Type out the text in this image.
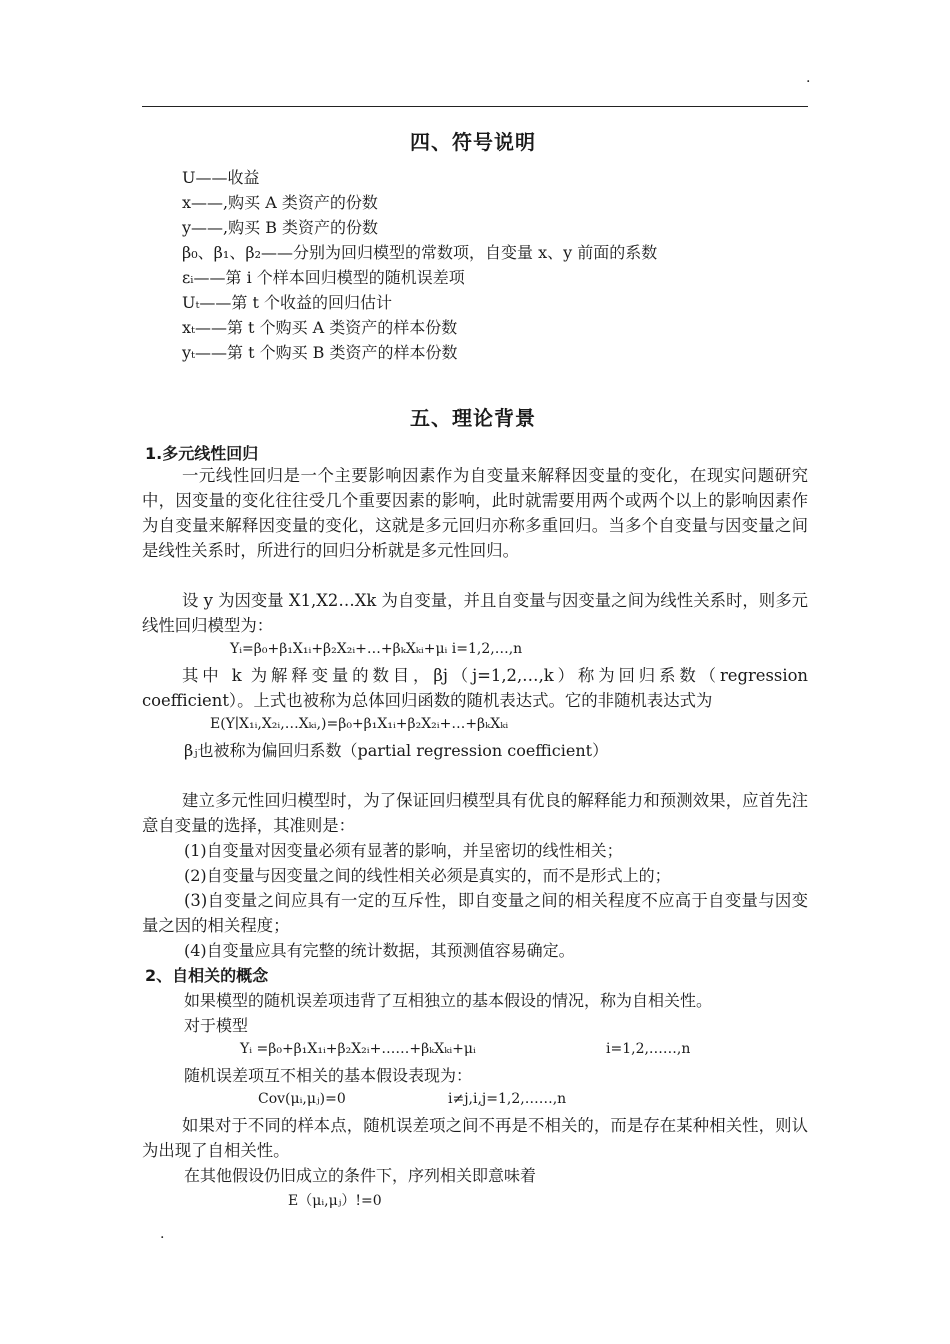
.
四、符号说明
U——收益
x——,购买 A 类资产的份数
y——,购买 B 类资产的份数
β₀、β₁、β₂——分别为回归模型的常数项，自变量 x、y 前面的系数
εᵢ——第 i 个样本回归模型的随机误差项
Uₜ——第 t 个收益的回归估计
xₜ——第 t 个购买 A 类资产的样本份数
yₜ——第 t 个购买 B 类资产的样本份数
五、理论背景
1.多元线性回归
一元线性回归是一个主要影响因素作为自变量来解释因变量的变化，在现实问题研究中，因变量的变化往往受几个重要因素的影响，此时就需要用两个或两个以上的影响因素作为自变量来解释因变量的变化，这就是多元回归亦称多重回归。当多个自变量与因变量之间是线性关系时，所进行的回归分析就是多元性回归。
设 y 为因变量 X1,X2…Xk 为自变量，并且自变量与因变量之间为线性关系时，则多元线性回归模型为：
Yᵢ=β₀+β₁X₁ᵢ+β₂X₂ᵢ+…+βₖXₖᵢ+μᵢ i=1,2,…,n
其中 k 为解释变量的数目，βj（j=1,2,…,k）称为回归系数（regression coefficient）。上式也被称为总体回归函数的随机表达式。它的非随机表达式为
E(Y∣X₁ᵢ,X₂ᵢ,…Xₖᵢ,)=β₀+β₁X₁ᵢ+β₂X₂ᵢ+…+βₖXₖᵢ
βⱼ也被称为偏回归系数（partial regression coefficient）
建立多元性回归模型时，为了保证回归模型具有优良的解释能力和预测效果，应首先注意自变量的选择，其准则是：
(1)自变量对因变量必须有显著的影响，并呈密切的线性相关；
(2)自变量与因变量之间的线性相关必须是真实的，而不是形式上的；
(3)自变量之间应具有一定的互斥性，即自变量之间的相关程度不应高于自变量与因变量之因的相关程度；
(4)自变量应具有完整的统计数据，其预测值容易确定。
2、自相关的概念
如果模型的随机误差项违背了互相独立的基本假设的情况，称为自相关性。
对于模型
Yᵢ =β₀+β₁X₁ᵢ+β₂X₂ᵢ+……+βₖXₖᵢ+μᵢ	i=1,2,……,n
随机误差项互不相关的基本假设表现为：
Cov(μᵢ,μⱼ)=0	i≠j,i,j=1,2,……,n
如果对于不同的样本点，随机误差项之间不再是不相关的，而是存在某种相关性，则认为出现了自相关性。
在其他假设仍旧成立的条件下，序列相关即意味着
E（μᵢ,μⱼ）!=0
.
